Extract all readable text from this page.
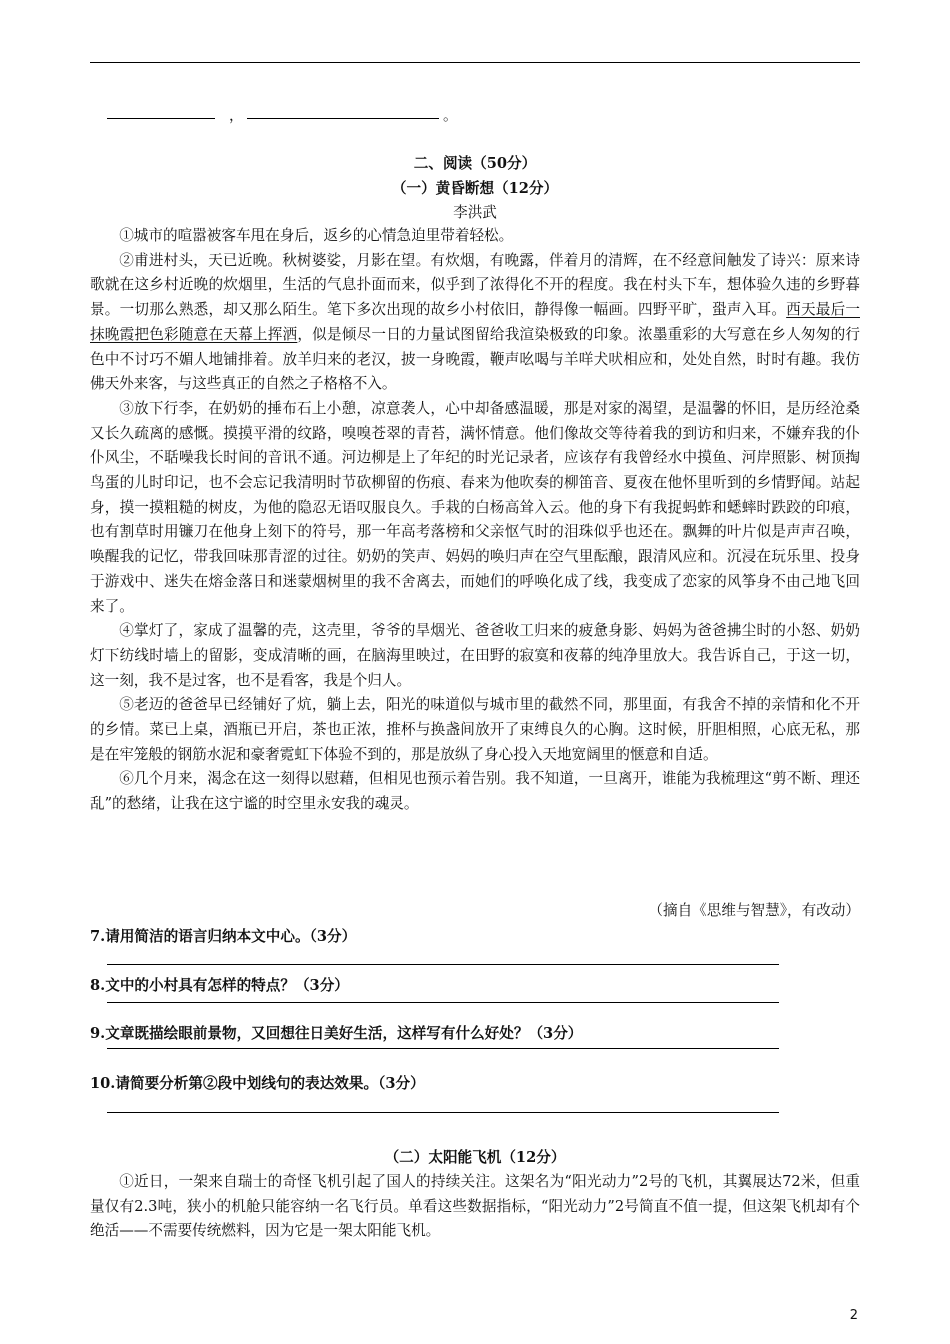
，	。
二、阅读（50分）
（一）黄昏断想（12分）
李洪武

①城市的喧嚣被客车甩在身后，返乡的心情急迫里带着轻松。

②甫进村头，天已近晚。秋树婆娑，月影在望。有炊烟，有晚露，伴着月的清辉，在不经意间触发了诗兴：原来诗歌就在这乡村近晚的炊烟里，生活的气息扑面而来，似乎到了浓得化不开的程度。我在村头下车，想体验久违的乡野暮景。一切那么熟悉，却又那么陌生。笔下多次出现的故乡小村依旧，静得像一幅画。四野平旷，蛩声入耳。西天最后一抹晚霞把色彩随意在天幕上挥洒，似是倾尽一日的力量试图留给我渲染极致的印象。浓墨重彩的大写意在乡人匆匆的行色中不讨巧不媚人地铺排着。放羊归来的老汉，披一身晚霞，鞭声吆喝与羊咩犬吠相应和，处处自然，时时有趣。我仿佛天外来客，与这些真正的自然之子格格不入。

③放下行李，在奶奶的捶布石上小憩，凉意袭人，心中却备感温暖，那是对家的渴望，是温馨的怀旧，是历经沧桑又长久疏离的感慨。摸摸平滑的纹路，嗅嗅苍翠的青苔，满怀情意。他们像故交等待着我的到访和归来，不嫌弃我的仆仆风尘，不聒噪我长时间的音讯不通。河边柳是上了年纪的时光记录者，应该存有我曾经水中摸鱼、河岸照影、树顶掏鸟蛋的儿时印记，也不会忘记我清明时节砍柳留的伤痕、春来为他吹奏的柳笛音、夏夜在他怀里听到的乡情野闻。站起身，摸一摸粗糙的树皮，为他的隐忍无语叹服良久。手栽的白杨高耸入云。他的身下有我捉蚂蚱和蟋蟀时跌跤的印痕，也有割草时用镰刀在他身上刻下的符号，那一年高考落榜和父亲怄气时的泪珠似乎也还在。飘舞的叶片似是声声召唤，唤醒我的记忆，带我回味那青涩的过往。奶奶的笑声、妈妈的唤归声在空气里酝酿，跟清风应和。沉浸在玩乐里、投身于游戏中、迷失在熔金落日和迷蒙烟树里的我不舍离去，而她们的呼唤化成了线，我变成了恋家的风筝身不由己地飞回来了。

④掌灯了，家成了温馨的壳，这壳里，爷爷的旱烟光、爸爸收工归来的疲惫身影、妈妈为爸爸拂尘时的小怒、奶奶灯下纺线时墙上的留影，变成清晰的画，在脑海里映过，在田野的寂寞和夜幕的纯净里放大。我告诉自己，于这一切，这一刻，我不是过客，也不是看客，我是个归人。

⑤老迈的爸爸早已经铺好了炕，躺上去，阳光的味道似与城市里的截然不同，那里面，有我舍不掉的亲情和化不开的乡情。菜已上桌，酒瓶已开启，茶也正浓，推杯与换盏间放开了束缚良久的心胸。这时候，肝胆相照，心底无私，那是在牢笼般的钢筋水泥和豪奢霓虹下体验不到的，那是放纵了身心投入天地宽阔里的惬意和自适。

⑥几个月来，渴念在这一刻得以慰藉，但相见也预示着告别。我不知道，一旦离开，谁能为我梳理这“剪不断、理还乱”的愁绪，让我在这宁谧的时空里永安我的魂灵。

（摘自《思维与智慧》，有改动）
7.请用简洁的语言归纳本文中心。（3分）
8.文中的小村具有怎样的特点？（3分）
9.文章既描绘眼前景物，又回想往日美好生活，这样写有什么好处？（3分）
10.请简要分析第②段中划线句的表达效果。（3分）
（二）太阳能飞机（12分）

①近日，一架来自瑞士的奇怪飞机引起了国人的持续关注。这架名为“阳光动力”2号的飞机，其翼展达72米，但重量仅有2.3吨，狭小的机舱只能容纳一名飞行员。单看这些数据指标，“阳光动力”2号简直不值一提，但这架飞机却有个绝活——不需要传统燃料，因为它是一架太阳能飞机。

2
